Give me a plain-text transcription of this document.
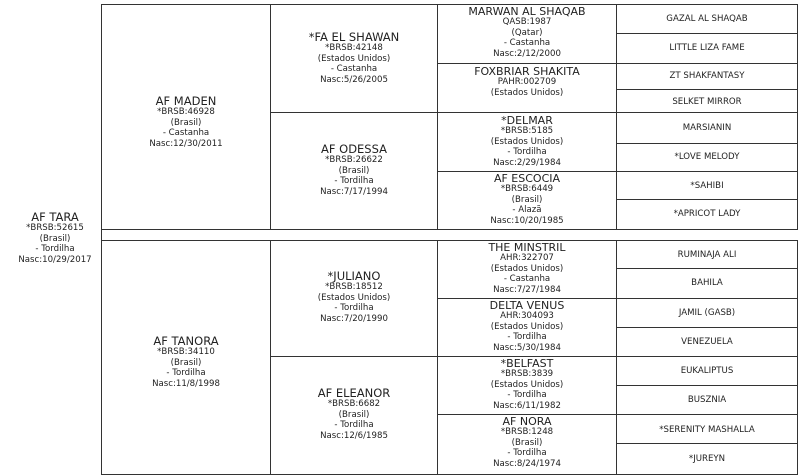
AF TARA
*BRSB:52615
(Brasil)
- Tordilha
Nasc:10/29/2017
AF MADEN
*BRSB:46928
(Brasil)
- Castanha
Nasc:12/30/2011
AF TANORA
*BRSB:34110
(Brasil)
- Tordilha
Nasc:11/8/1998
*FA EL SHAWAN
*BRSB:42148
(Estados Unidos)
- Castanha
Nasc:5/26/2005
AF ODESSA
*BRSB:26622
(Brasil)
- Tordilha
Nasc:7/17/1994
*JULIANO
*BRSB:18512
(Estados Unidos)
- Tordilha
Nasc:7/20/1990
AF ELEANOR
*BRSB:6682
(Brasil)
- Tordilha
Nasc:12/6/1985
MARWAN AL SHAQAB
QASB:1987
(Qatar)
- Castanha
Nasc:2/12/2000
FOXBRIAR SHAKITA
PAHR:002709
(Estados Unidos)
*DELMAR
*BRSB:5185
(Estados Unidos)
- Tordilha
Nasc:2/29/1984
AF ESCOCIA
*BRSB:6449
(Brasil)
- Alazã
Nasc:10/20/1985
THE MINSTRIL
AHR:322707
(Estados Unidos)
- Castanha
Nasc:7/27/1984
DELTA VENUS
AHR:304093
(Estados Unidos)
- Tordilha
Nasc:5/30/1984
*BELFAST
*BRSB:3839
(Estados Unidos)
- Tordilha
Nasc:6/11/1982
AF NORA
*BRSB:1248
(Brasil)
- Tordilha
Nasc:8/24/1974
GAZAL AL SHAQAB
LITTLE LIZA FAME
ZT SHAKFANTASY
SELKET MIRROR
MARSIANIN
*LOVE MELODY
*SAHIBI
*APRICOT LADY
RUMINAJA ALI
BAHILA
JAMIL (GASB)
VENEZUELA
EUKALIPTUS
BUSZNIA
*SERENITY MASHALLA
*JUREYN
